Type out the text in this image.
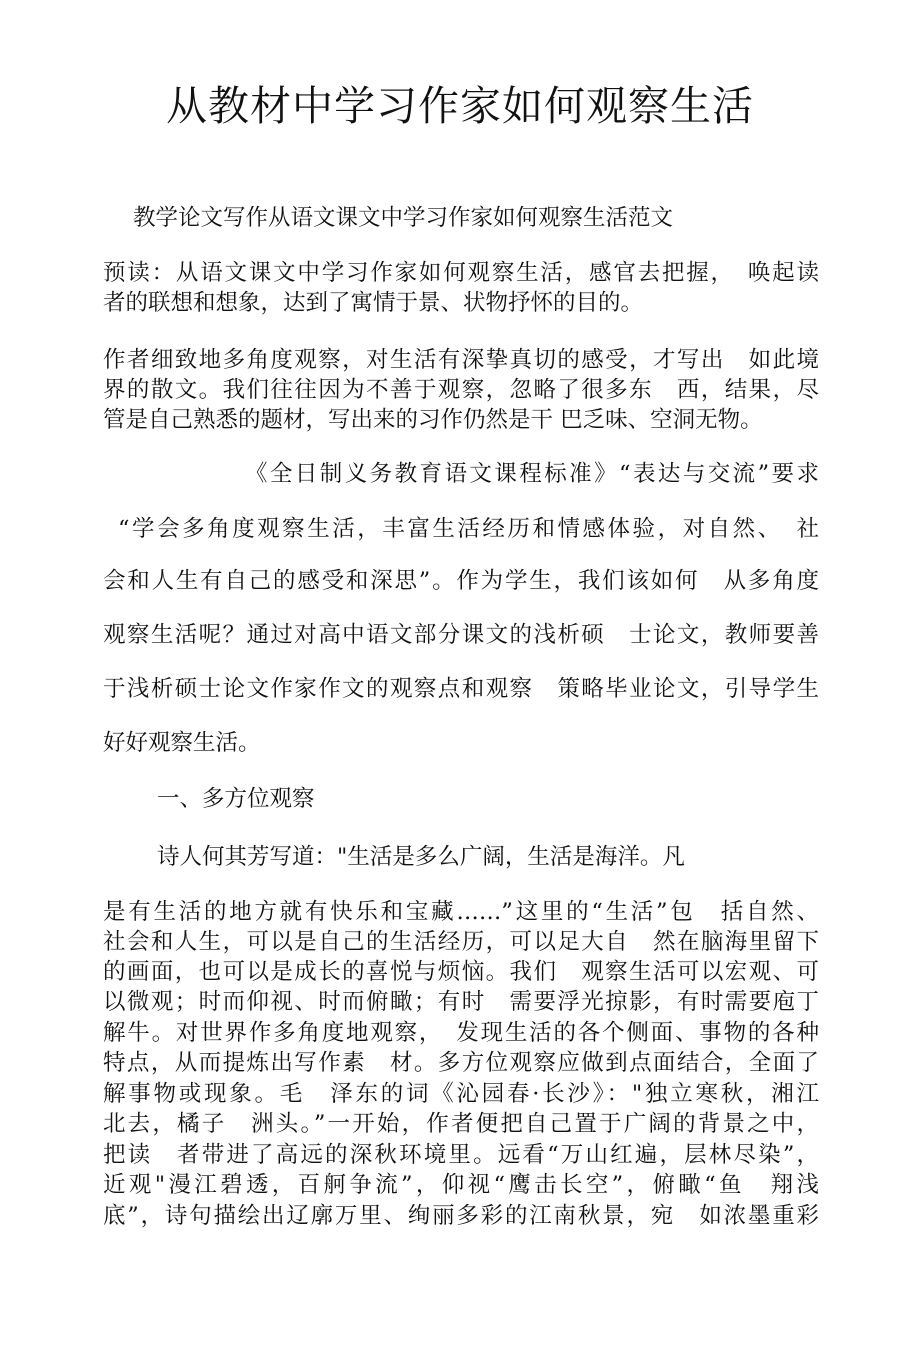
从教材中学习作家如何观察生活
教学论文写作从语文课文中学习作家如何观察生活范文
预读：从语文课文中学习作家如何观察生活，感官去把握，　唤起读
者的联想和想象，达到了寓情于景、状物抒怀的目的。
作者细致地多角度观察，对生活有深挚真切的感受，才写出　如此境
界的散文。我们往往因为不善于观察，忽略了很多东　西，结果，尽
管是自己熟悉的题材，写出来的习作仍然是干 巴乏味、空洞无物。
《全日制义务教育语文课程标准》“表达与交流”要求
“学会多角度观察生活，丰富生活经历和情感体验，对自然、　社
会和人生有自己的感受和深思”。作为学生，我们该如何　从多角度
观察生活呢？通过对高中语文部分课文的浅析硕　士论文，教师要善
于浅析硕士论文作家作文的观察点和观察　策略毕业论文，引导学生
好好观察生活。
一、多方位观察
诗人何其芳写道："生活是多么广阔，生活是海洋。凡
是有生活的地方就有快乐和宝藏……”这里的“生活”包　括自然、
社会和人生，可以是自己的生活经历，可以足大自　然在脑海里留下
的画面，也可以是成长的喜悦与烦恼。我们　观察生活可以宏观、可
以微观；时而仰视、时而俯瞰；有时　需要浮光掠影，有时需要庖丁
解牛。对世界作多角度地观察，　发现生活的各个侧面、事物的各种
特点，从而提炼出写作素　材。多方位观察应做到点面结合，全面了
解事物或现象。毛　泽东的词《沁园春·长沙》："独立寒秋，湘江
北去，橘子　洲头。”一开始，作者便把自己置于广阔的背景之中，
把读　者带进了高远的深秋环境里。远看“万山红遍，层林尽染”，
近观"漫江碧透，百舸争流”，仰视“鹰击长空”，俯瞰“鱼　翔浅
底”，诗句描绘出辽廓万里、绚丽多彩的江南秋景，宛　如浓墨重彩
